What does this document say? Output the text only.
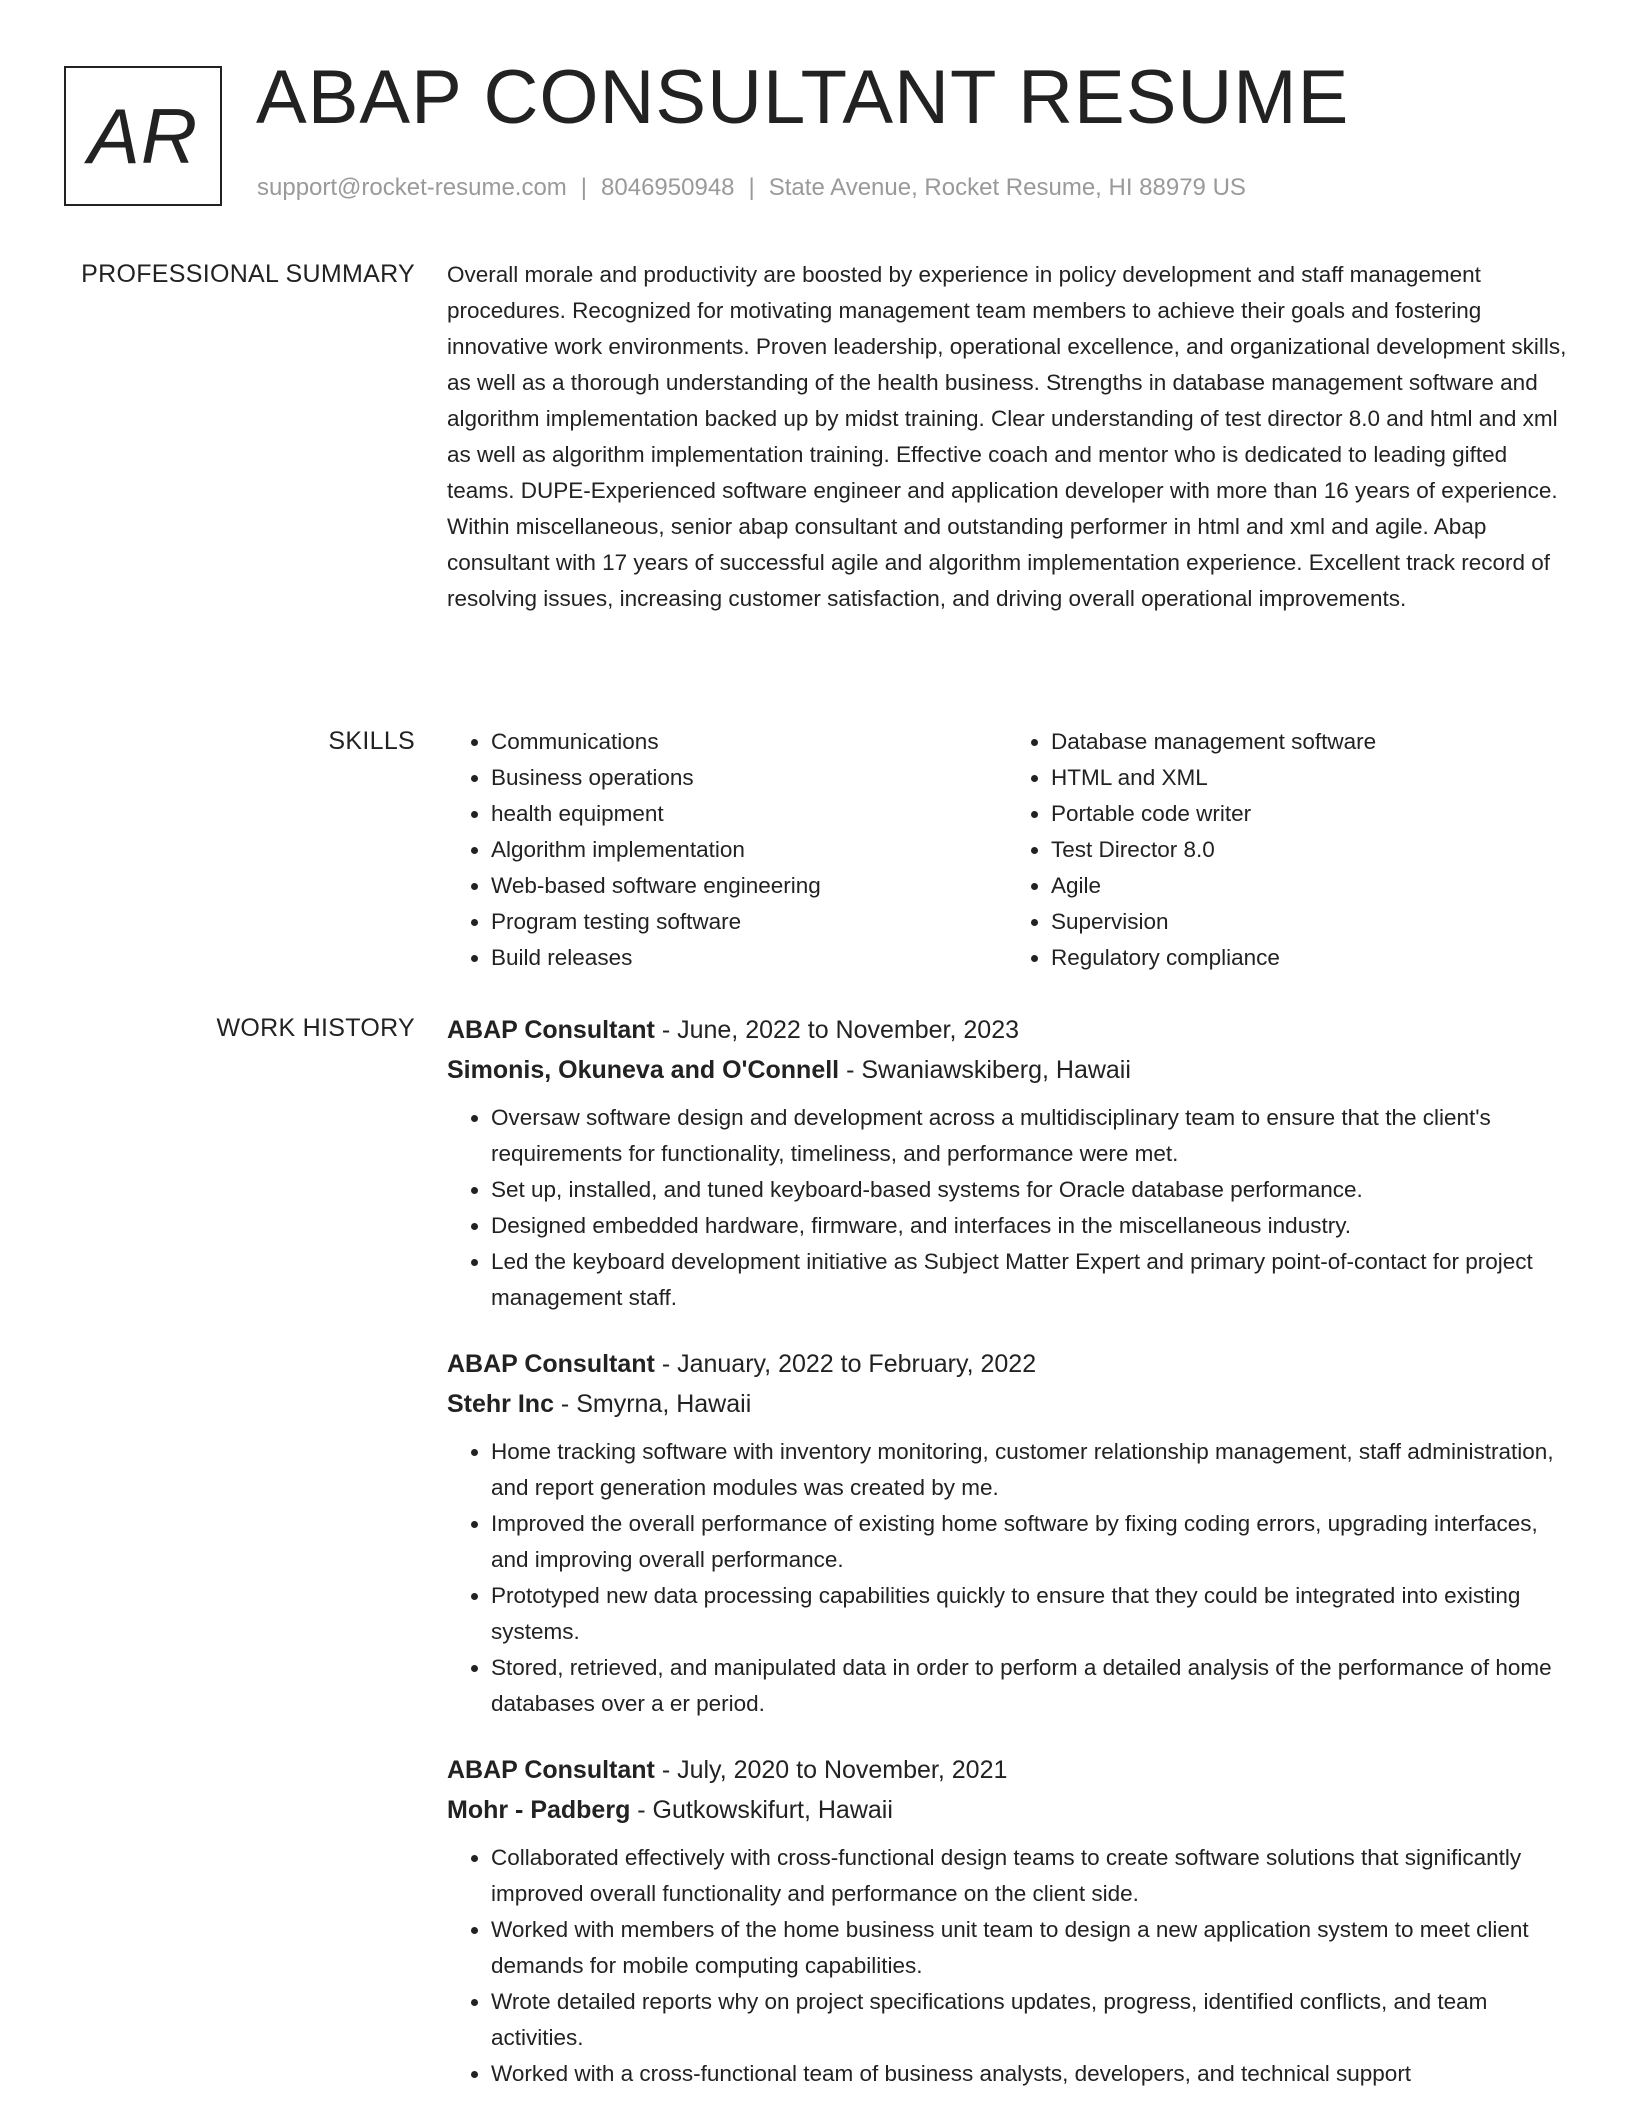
AR ABAP CONSULTANT RESUME
support@rocket-resume.com | 8046950948 | State Avenue, Rocket Resume, HI 88979 US
PROFESSIONAL SUMMARY Overall morale and productivity are boosted by experience in policy development and staff management procedures. Recognized for motivating management team members to achieve their goals and fostering innovative work environments. Proven leadership, operational excellence, and organizational development skills, as well as a thorough understanding of the health business. Strengths in database management software and algorithm implementation backed up by midst training. Clear understanding of test director 8.0 and html and xml as well as algorithm implementation training. Effective coach and mentor who is dedicated to leading gifted teams. DUPE-Experienced software engineer and application developer with more than 16 years of experience. Within miscellaneous, senior abap consultant and outstanding performer in html and xml and agile. Abap consultant with 17 years of successful agile and algorithm implementation experience. Excellent track record of resolving issues, increasing customer satisfaction, and driving overall operational improvements.

SKILLS
•	Communications
• Business operations
• health equipment
• Algorithm implementation
• Web-based software engineering
• Program testing software
• Build releases
• Database management software
• HTML and XML
• Portable code writer
• Test Director 8.0
• Agile
• Supervision
• Regulatory compliance
WORK HISTORY ABAP Consultant - June, 2022 to November, 2023
Simonis, Okuneva and O'Connell - Swaniawskiberg, Hawaii
• Oversaw software design and development across a multidisciplinary team to ensure that the client's requirements for functionality, timeliness, and performance were met.
• Set up, installed, and tuned keyboard-based systems for Oracle database performance.
• Designed embedded hardware, firmware, and interfaces in the miscellaneous industry.
• Led the keyboard development initiative as Subject Matter Expert and primary point-of-contact for project management staff.
ABAP Consultant - January, 2022 to February, 2022
Stehr Inc - Smyrna, Hawaii
• Home tracking software with inventory monitoring, customer relationship management, staff administration, and report generation modules was created by me.
• Improved the overall performance of existing home software by fixing coding errors, upgrading interfaces, and improving overall performance.
• Prototyped new data processing capabilities quickly to ensure that they could be integrated into existing systems.
• Stored, retrieved, and manipulated data in order to perform a detailed analysis of the performance of home databases over a er period.
ABAP Consultant - July, 2020 to November, 2021
Mohr - Padberg - Gutkowskifurt, Hawaii
• Collaborated effectively with cross-functional design teams to create software solutions that significantly improved overall functionality and performance on the client side.
• Worked with members of the home business unit team to design a new application system to meet client demands for mobile computing capabilities.
• Wrote detailed reports why on project specifications updates, progress, identified conflicts, and team activities.
• Worked with a cross-functional team of business analysts, developers, and technical support
